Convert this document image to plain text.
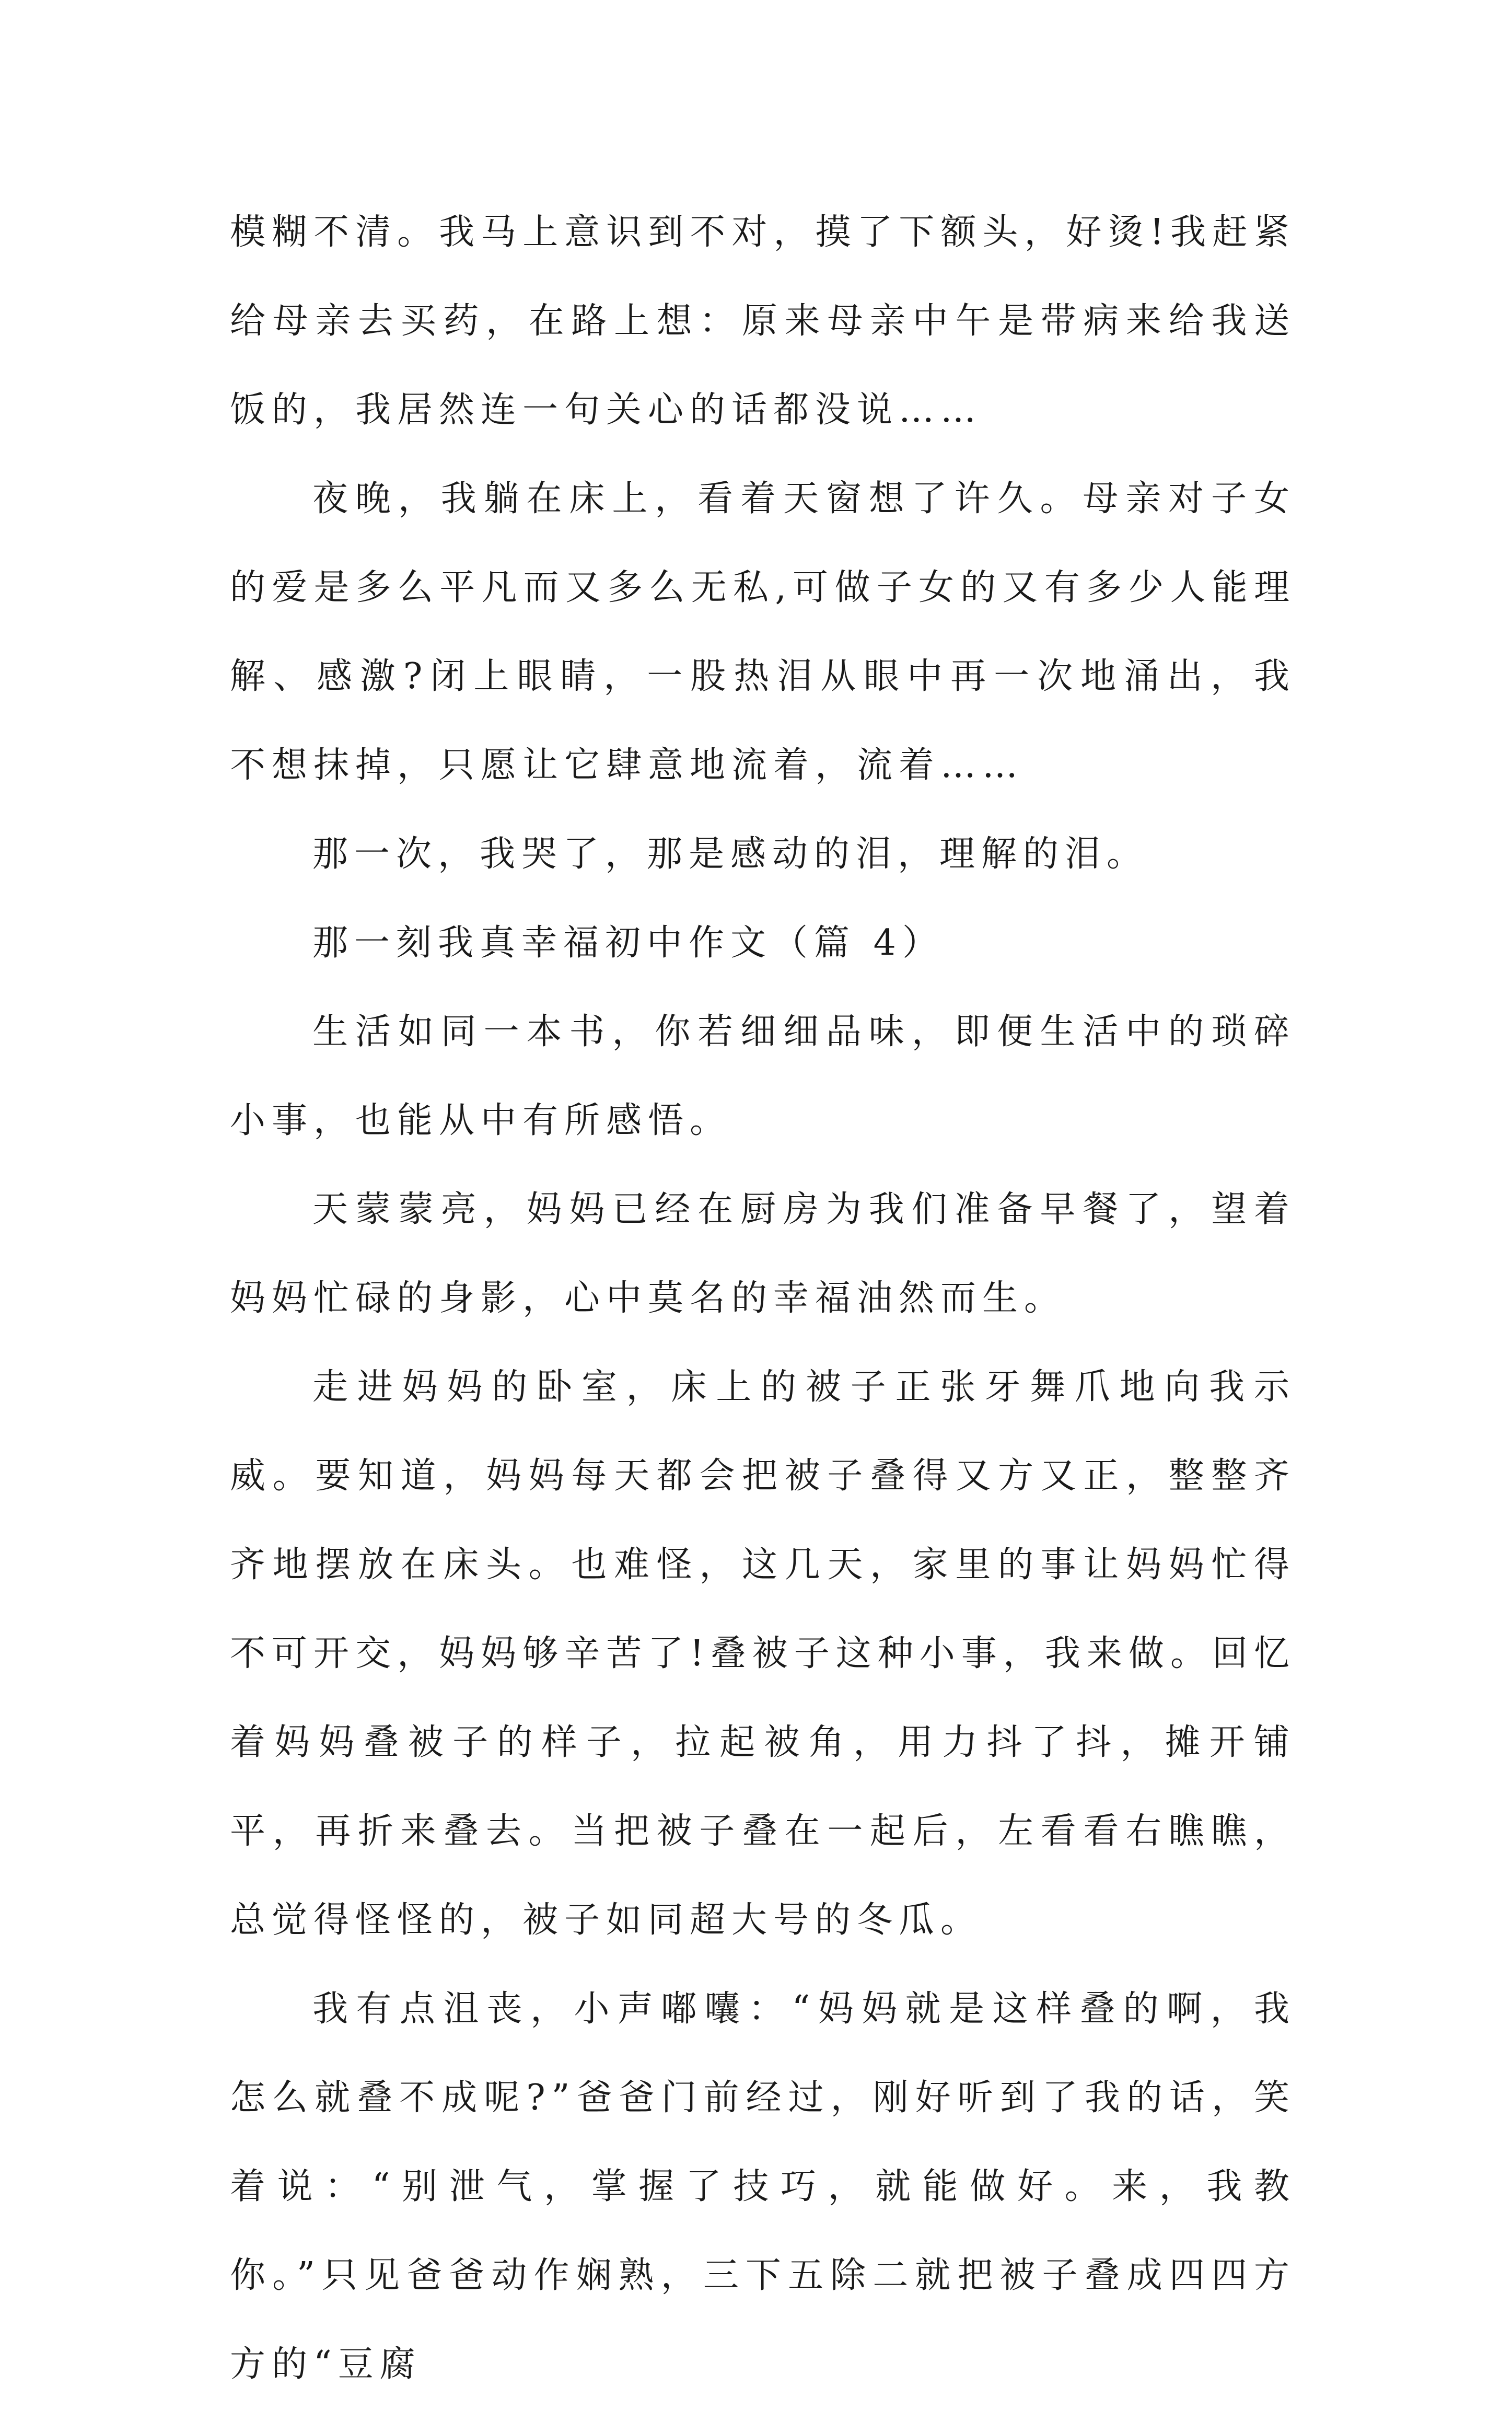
模糊不清。我马上意识到不对，摸了下额头，好烫!我赶紧给母亲去买药，在路上想：原来母亲中午是带病来给我送饭的，我居然连一句关心的话都没说……

夜晚，我躺在床上，看着天窗想了许久。母亲对子女的爱是多么平凡而又多么无私,可做子女的又有多少人能理解、感激?闭上眼睛，一股热泪从眼中再一次地涌出，我不想抹掉，只愿让它肆意地流着，流着……

那一次，我哭了，那是感动的泪，理解的泪。

那一刻我真幸福初中作文（篇 4）

生活如同一本书，你若细细品味，即便生活中的琐碎小事，也能从中有所感悟。

天蒙蒙亮，妈妈已经在厨房为我们准备早餐了，望着妈妈忙碌的身影，心中莫名的幸福油然而生。

走进妈妈的卧室，床上的被子正张牙舞爪地向我示威。要知道，妈妈每天都会把被子叠得又方又正，整整齐齐地摆放在床头。也难怪，这几天，家里的事让妈妈忙得不可开交，妈妈够辛苦了!叠被子这种小事，我来做。回忆着妈妈叠被子的样子，拉起被角，用力抖了抖，摊开铺平，再折来叠去。当把被子叠在一起后，左看看右瞧瞧，总觉得怪怪的，被子如同超大号的冬瓜。

我有点沮丧，小声嘟囔：“妈妈就是这样叠的啊，我怎么就叠不成呢?”爸爸门前经过，刚好听到了我的话，笑着说：“别泄气，掌握了技巧，就能做好。来，我教你。”只见爸爸动作娴熟，三下五除二就把被子叠成四四方方的“豆腐
